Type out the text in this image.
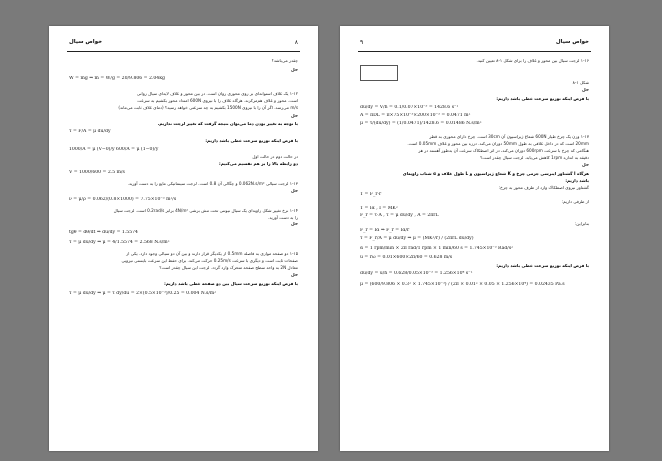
خواص سیال	۸
چقدر می‌باشد؟
حل
W = mg ⇒ m = W/g = 20/9.806 = 2.04kg
۱-۱۲ یک غلاف استوانه‌ای بر روی محوری روان است. در بین محور و غلاف لایه‌ای سیال روانی
است. محور و غلاف هم‌مرکزند. هرگاه غلاف را با نیروی 600N امتداد محور بکشیم به سرعت
m/s می‌رسد. اگر آن را با نیروی 1500N بکشیم به چه سرعتی خواهد رسید؟ (دمای غلاف ثابت می‌ماند)
حل
با توجه به تغییر بودن دما می‌توان نتیجه گرفت که تغییر لزجت نداریم.
τ = F/A = μ du/dy
با فرض اینکه توزیع سرعت خطی باشد داریم:
1000/A = μ (V−0)/y 600/A = μ (1−0)/y
در حالت دوم در حالت اول
دو رابطه بالا را بر هم تقسیم می‌کنیم:
V = 1000/600 = 2.5 m/s
۱-۱۳ لزجت سیالی 0.062N.s/m² و چگالی آن 0.8 است. لزجت سینماتیکی مایع را به دست آورید.
حل
ν = μ/ρ = 0.062/(0.8×1000) = 7.75×10⁻⁵ m²/s
۱-۱۴ نرخ تغییر شکل زاویه‌ای یک سیال نیوتنی تحت تنش برشی 4N/m² برابر 0.2rad/s است. لزجت سیال
را به دست آورید.
حل
tgθ = dθ/dt ⇒ du/dy = 1.5574
τ = μ du/dy ⇒ μ = 4/1.5574 = 2.568 N.s/m²
۱-۱۵ دو صفحه موازی به فاصله 0.5mm از یکدیگر قرار دارند و بین آن دو سیالی وجود دارد. یکی از
صفحات ثابت است و دیگری با سرعت 0.25m/s حرکت می‌کند. برای حفظ این سرعت بایستی نیرویی
معادل 2N به واحد سطح صفحه متحرک وارد گردد. لزجت این سیال چقدر است؟
حل
با فرض اینکه توزیع سرعت سیال بین دو صفحه خطی باشد داریم:
τ = μ du/dy ⇒ μ = τ dy/du = 2×(0.5×10⁻³)/0.25 = 0.004 N.s/m²
خواص سیال
۹
۱-۱۶ لزجت سیال بین محور و غلاف را برای شکل ۱-۸ تعیین کنید.
شکل ۱-۸
حل
با فرض اینکه توزیع سرعت خطی باشد داریم:
du/dy = V/h = 0.1/0.07×10⁻³ = 1428.6 s⁻¹
A = πDL = π×75×10⁻³×200×10⁻³ = 0.0471 m²
μ = τ/(du/dy) = (1/0.0471)/1428.6 = 0.01486 N.s/m²
۱-۱۷ وزن یک چرخ طیار 600N شعاع ژیراسیون آن 30cm است. چرخ دارای محوری به قطر
20mm است که در داخل غلافی به طول 50mm دوران می‌کند. درزه بین محور و غلاف 0.05mm است.
هنگامی که چرخ با سرعت 600rpm دوران می‌کند، در اثر اصطکاک سرعت آن به‌طور آهسته در هر
دقیقه به اندازه 1rpm کاهش می‌یابد. لزجت سیال چقدر است؟
حل
هرگاه I گشتاور اینرسی جرمی چرخ و K شعاع ژیراسیون و L طول غلاف و α شتاب زاویه‌ای
باشد داریم:
گشتاور نیروی اصطکاک وارد از طرف محور به چرخ:
T = F_r·r
از طرفی داریم:
T = Iα , I = MK²
F_r = τ·A , τ = μ du/dy , A = 2πrL
بنابراین:
F_r = Iα ⇒ F_r = Iα/r
τ = F_r/A = μ du/dy ⇒ μ = (MK²/r) / (2πrL du/dy)
α = 1 rpm/min × 2π rad/1 rpm × 1 min/60 s = 1.745×10⁻³ Rad/s²
u = rω = 0.01×600×2π/60 = 0.628 m/s
با فرض اینکه توزیع سرعت خطی باشد داریم:
du/dy = u/h = 0.628/0.05×10⁻³ = 1.256×10⁴ s⁻¹
μ = (600/9.806 × 0.3² × 1.745×10⁻³) / (2π × 0.01² × 0.05 × 1.256×10⁴) = 0.02435 Pa.s
